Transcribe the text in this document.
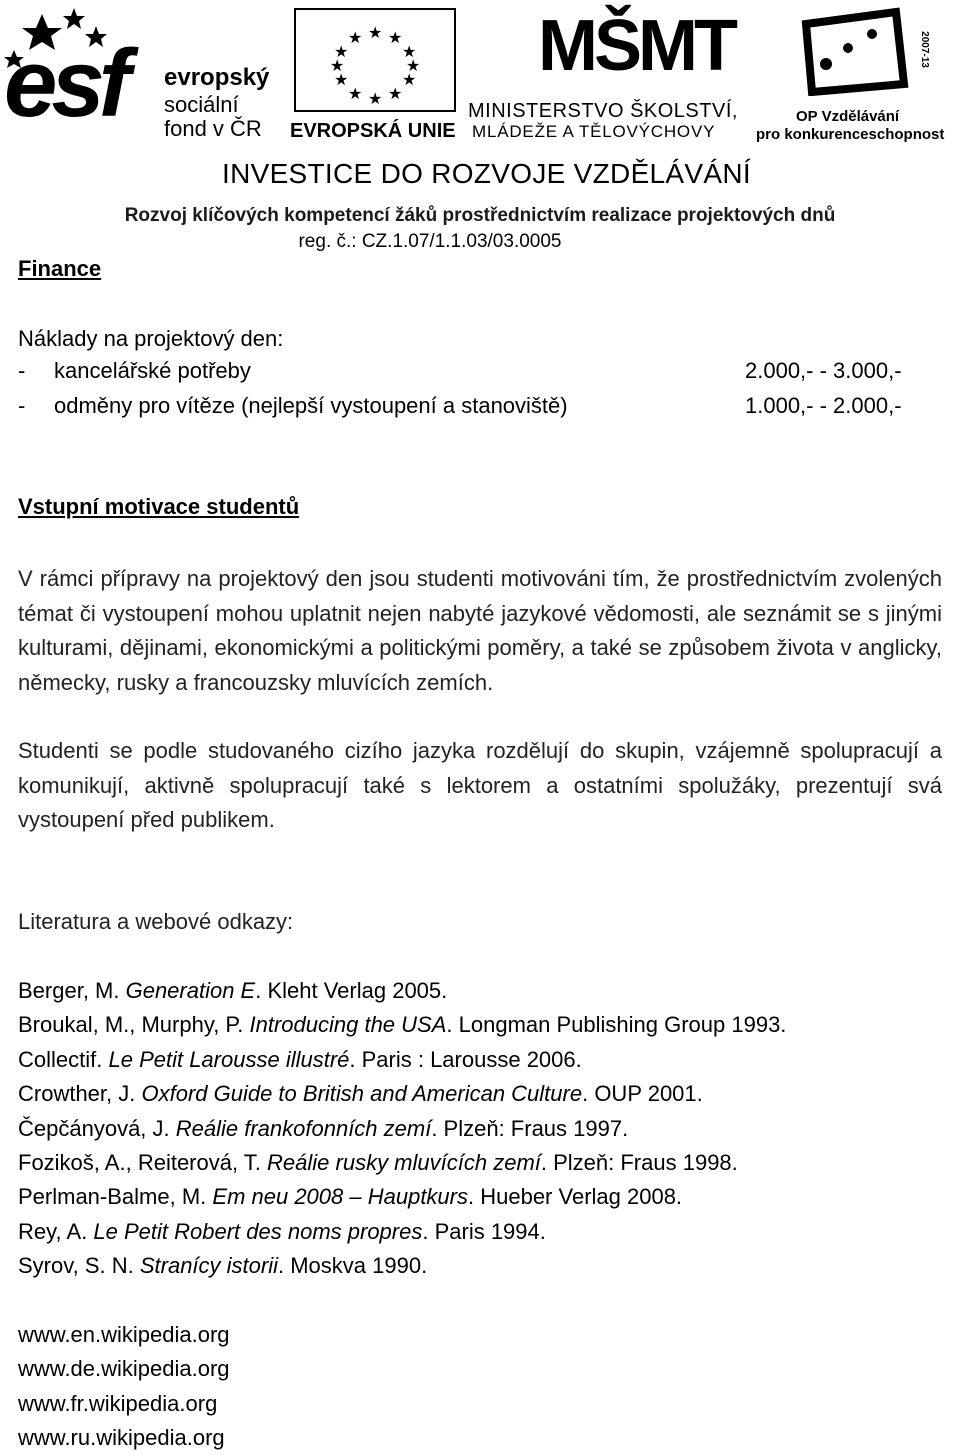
esf evropský
sociální
fond v ČR
★ ★
★
★
★
★
★
★
★
★
★
★
EVROPSKÁ UNIE
MŠMT
MINISTERSTVO ŠKOLSTVÍ,
MLÁDEŽE A TĚLOVÝCHOVY
2007-13
OP Vzdělávání
pro konkurenceschopnost
INVESTICE DO ROZVOJE VZDĚLÁVÁNÍ
Rozvoj klíčových kompetencí žáků prostřednictvím realizace projektových dnů
reg. č.: CZ.1.07/1.1.03/03.0005
Finance
Náklady na projektový den:
- kancelářské potřeby	2.000,- - 3.000,-
- odměny pro vítěze (nejlepší vystoupení a stanoviště)	1.000,- - 2.000,-
Vstupní motivace studentů
V rámci přípravy na projektový den jsou studenti motivováni tím, že prostřednictvím zvolených témat či vystoupení mohou uplatnit nejen nabyté jazykové vědomosti, ale seznámit se s jinými kulturami, dějinami, ekonomickými a politickými poměry, a také se způsobem života v anglicky, německy, rusky a francouzsky mluvících zemích.
Studenti se podle studovaného cizího jazyka rozdělují do skupin, vzájemně spolupracují a komunikují, aktivně spolupracují také s lektorem a ostatními spolužáky, prezentují svá vystoupení před publikem.
Literatura a webové odkazy:
Berger, M. Generation E. Kleht Verlag 2005.
Broukal, M., Murphy, P. Introducing the USA. Longman Publishing Group 1993.
Collectif. Le Petit Larousse illustré. Paris : Larousse 2006.
Crowther, J. Oxford Guide to British and American Culture. OUP 2001.
Čepčányová, J. Reálie frankofonních zemí. Plzeň: Fraus 1997.
Fozikoš, A., Reiterová, T. Reálie rusky mluvících zemí. Plzeň: Fraus 1998.
Perlman-Balme, M. Em neu 2008 – Hauptkurs. Hueber Verlag 2008.
Rey, A. Le Petit Robert des noms propres. Paris 1994.
Syrov, S. N. Stranícy istorii. Moskva 1990.
www.en.wikipedia.org
www.de.wikipedia.org
www.fr.wikipedia.org
www.ru.wikipedia.org
